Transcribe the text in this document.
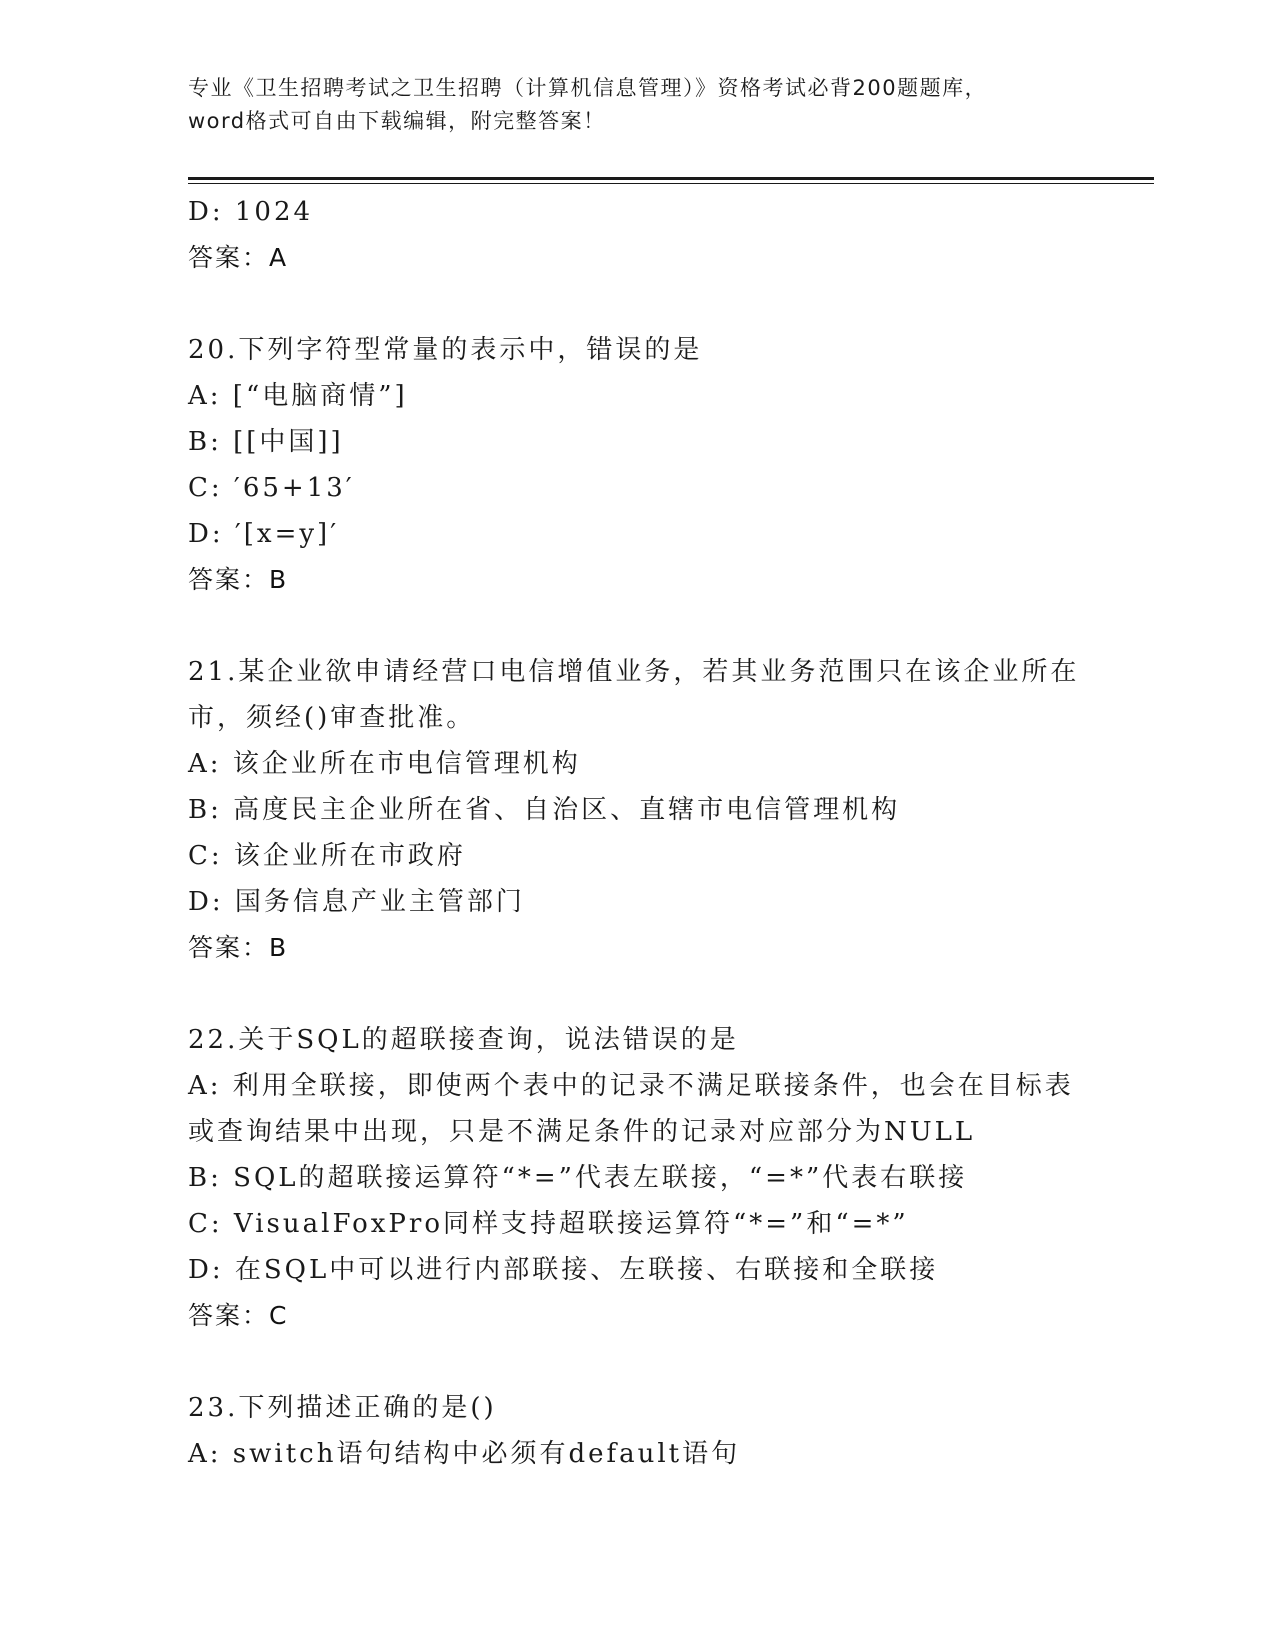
专业《卫生招聘考试之卫生招聘（计算机信息管理）》资格考试必背200题题库，
word格式可自由下载编辑，附完整答案！
D: 1024
答案：A
20.下列字符型常量的表示中，错误的是
A: [“电脑商情”]
B: [[中国]]
C: ′65+13′
D: ′[x=y]′
答案：B
21.某企业欲申请经营口电信增值业务，若其业务范围只在该企业所在
市，须经()审查批准。
A: 该企业所在市电信管理机构
B: 高度民主企业所在省、自治区、直辖市电信管理机构
C: 该企业所在市政府
D: 国务信息产业主管部门
答案：B
22.关于SQL的超联接查询，说法错误的是
A: 利用全联接，即使两个表中的记录不满足联接条件，也会在目标表
或查询结果中出现，只是不满足条件的记录对应部分为NULL
B: SQL的超联接运算符“*=”代表左联接，“=*”代表右联接
C: VisualFoxPro同样支持超联接运算符“*=”和“=*”
D: 在SQL中可以进行内部联接、左联接、右联接和全联接
答案：C
23.下列描述正确的是()
A: switch语句结构中必须有default语句
